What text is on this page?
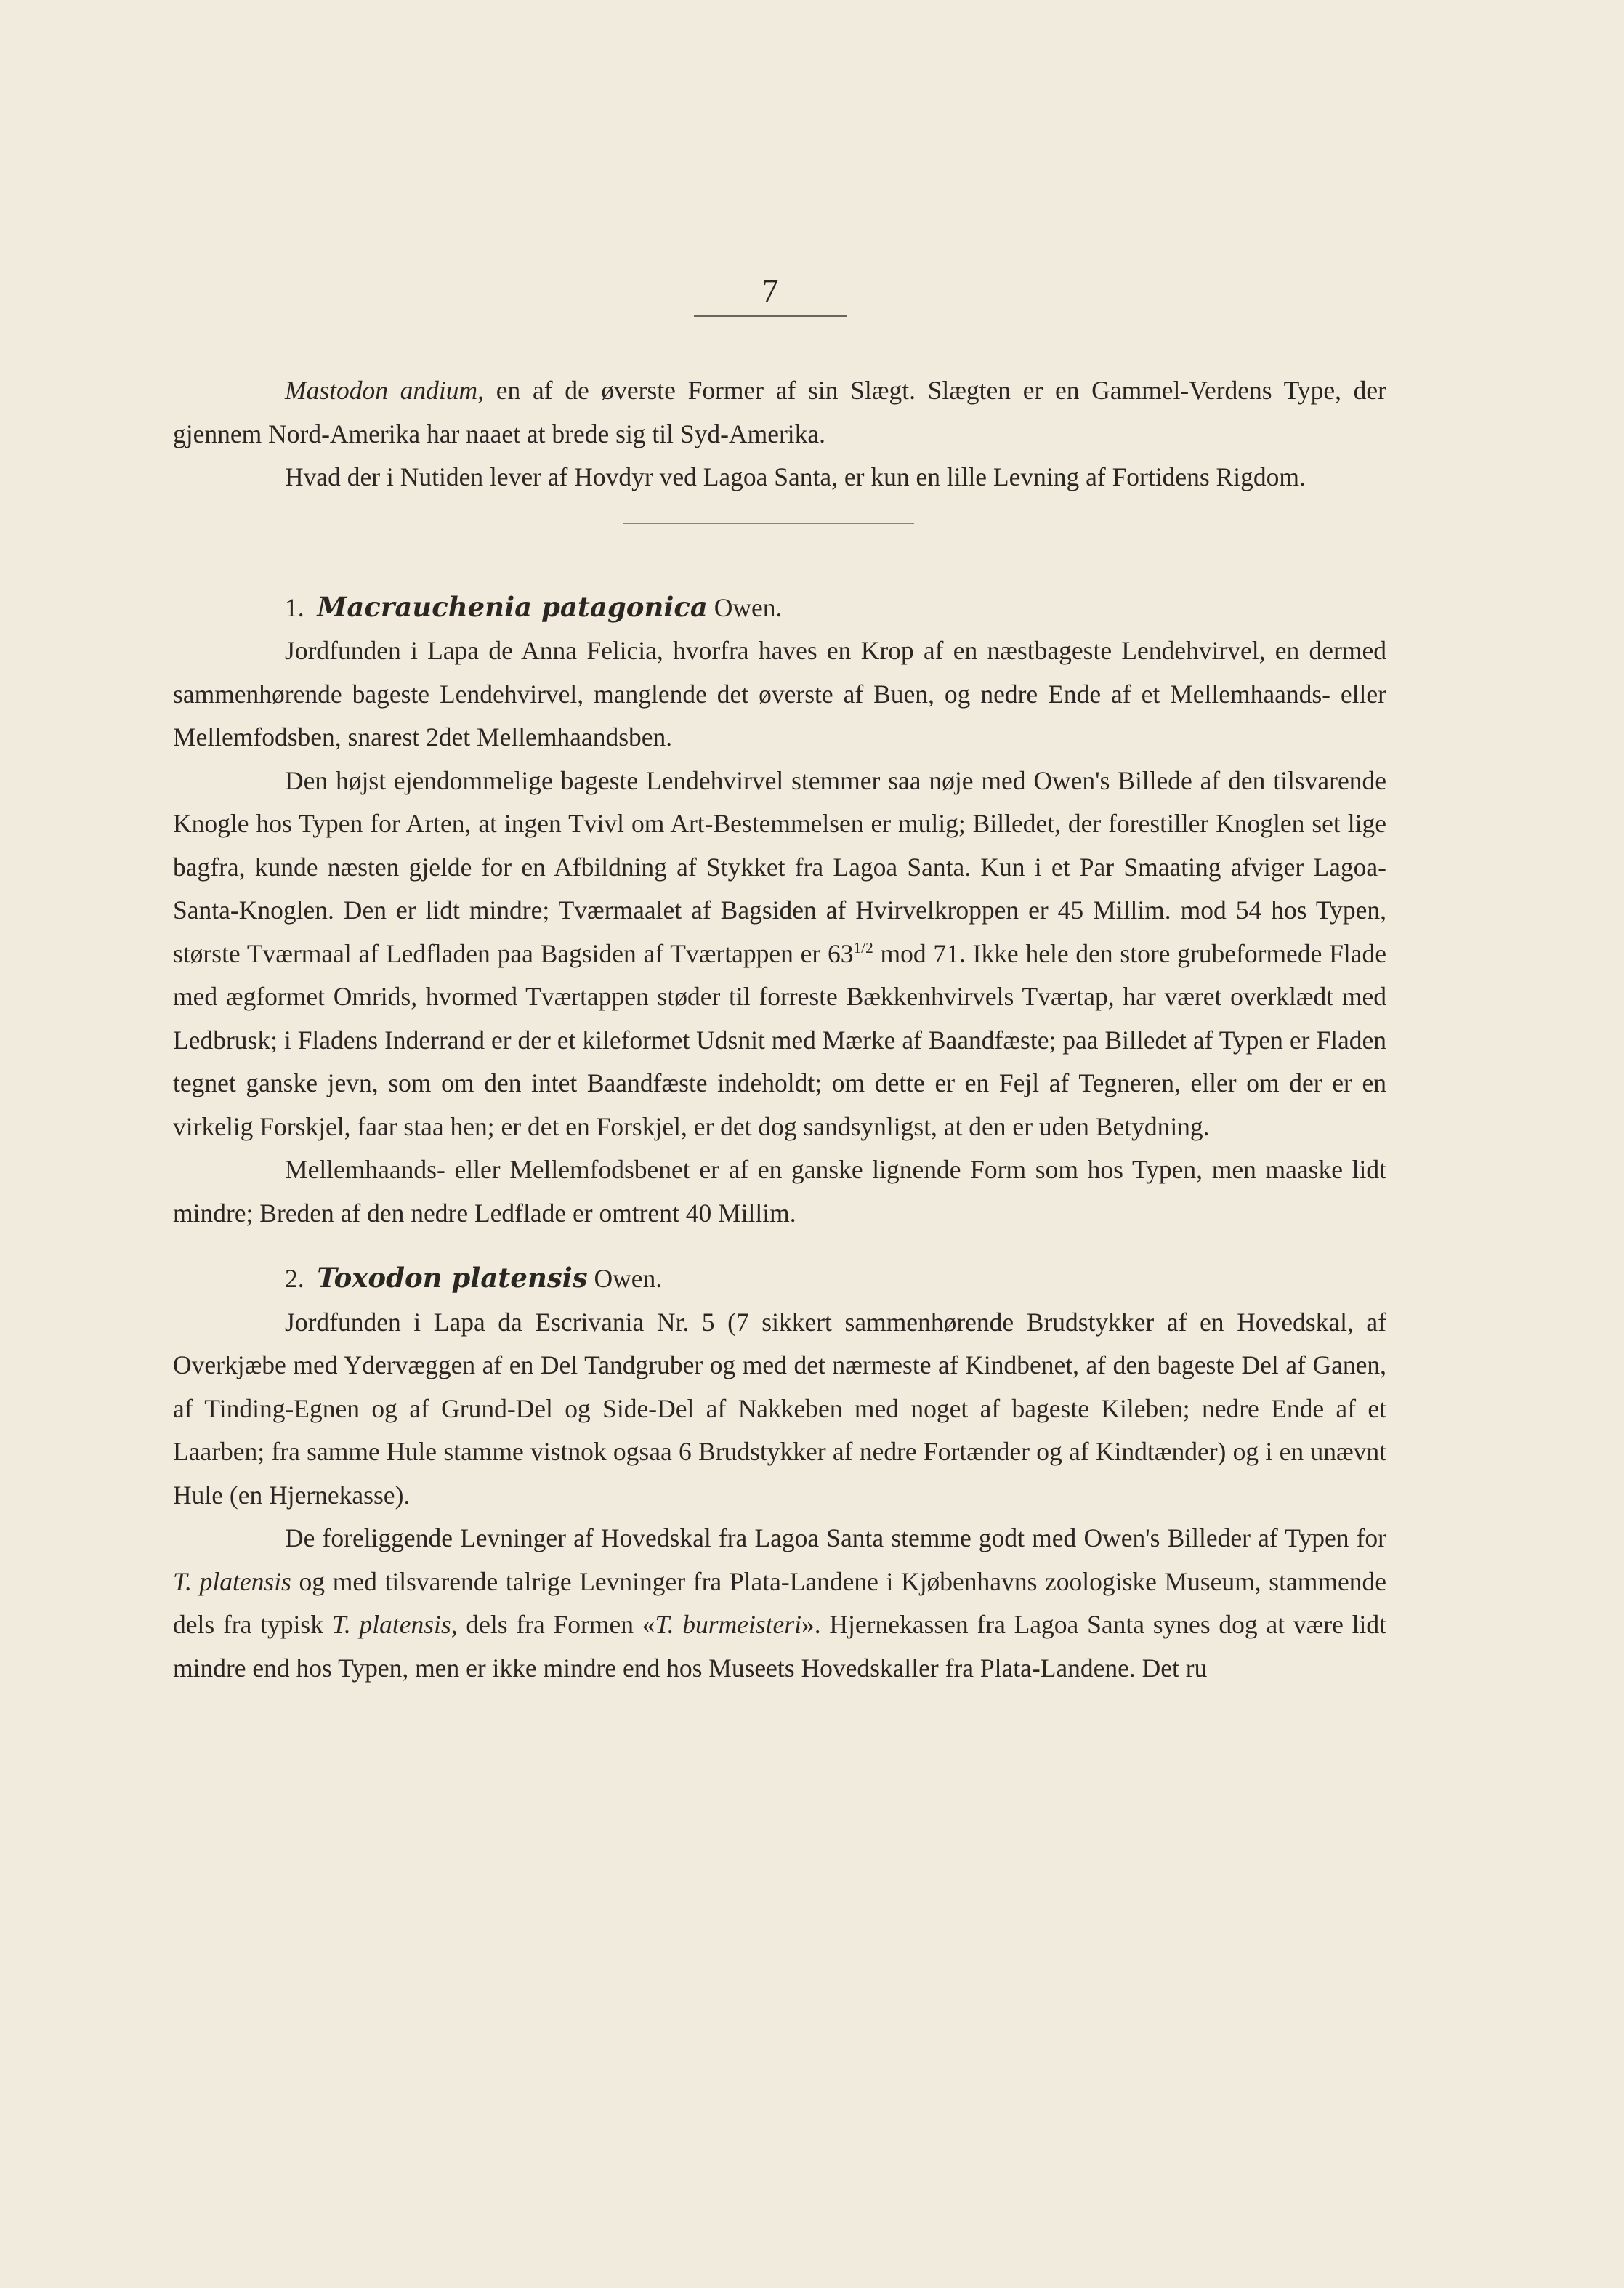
7

Mastodon andium, en af de øverste Former af sin Slægt. Slægten er en Gammel-Verdens Type, der gjennem Nord-Amerika har naaet at brede sig til Syd-Amerika.

Hvad der i Nutiden lever af Hovdyr ved Lagoa Santa, er kun en lille Levning af Fortidens Rigdom.

1. Macrauchenia patagonica Owen.

Jordfunden i Lapa de Anna Felicia, hvorfra haves en Krop af en næstbageste Lendehvirvel, en dermed sammenhørende bageste Lendehvirvel, manglende det øverste af Buen, og nedre Ende af et Mellemhaands- eller Mellemfodsben, snarest 2det Mellemhaandsben.

Den højst ejendommelige bageste Lendehvirvel stemmer saa nøje med Owen's Billede af den tilsvarende Knogle hos Typen for Arten, at ingen Tvivl om Art-Bestemmelsen er mulig; Billedet, der forestiller Knoglen set lige bagfra, kunde næsten gjelde for en Afbildning af Stykket fra Lagoa Santa. Kun i et Par Smaating afviger Lagoa-Santa-Knoglen. Den er lidt mindre; Tværmaalet af Bagsiden af Hvirvelkroppen er 45 Millim. mod 54 hos Typen, største Tværmaal af Ledfladen paa Bagsiden af Tværtappen er $63^{1/2}$ mod 71. Ikke hele den store grubeformede Flade med ægformet Omrids, hvormed Tværtappen støder til forreste Bækkenhvirvels Tværtap, har været overklædt med Ledbrusk; i Fladens Inderrand er der et kileformet Udsnit med Mærke af Baandfæste; paa Billedet af Typen er Fladen tegnet ganske jevn, som om den intet Baandfæste indeholdt; om dette er en Fejl af Tegneren, eller om der er en virkelig Forskjel, faar staa hen; er det en Forskjel, er det dog sandsynligst, at den er uden Betydning.

Mellemhaands- eller Mellemfodsbenet er af en ganske lignende Form som hos Typen, men maaske lidt mindre; Breden af den nedre Ledflade er omtrent 40 Millim.

2. Toxodon platensis Owen.

Jordfunden i Lapa da Escrivania Nr. 5 (7 sikkert sammenhørende Brudstykker af en Hovedskal, af Overkjæbe med Ydervæggen af en Del Tandgruber og med det nærmeste af Kindbenet, af den bageste Del af Ganen, af Tinding-Egnen og af Grund-Del og Side-Del af Nakkeben med noget af bageste Kileben; nedre Ende af et Laarben; fra samme Hule stamme vistnok ogsaa 6 Brudstykker af nedre Fortænder og af Kindtænder) og i en unævnt Hule (en Hjernekasse).

De foreliggende Levninger af Hovedskal fra Lagoa Santa stemme godt med Owen's Billeder af Typen for T. platensis og med tilsvarende talrige Levninger fra Plata-Landene i Kjøbenhavns zoologiske Museum, stammende dels fra typisk T. platensis, dels fra Formen «T. burmeisteri». Hjernekassen fra Lagoa Santa synes dog at være lidt mindre end hos Typen, men er ikke mindre end hos Museets Hovedskaller fra Plata-Landene. Det ru
